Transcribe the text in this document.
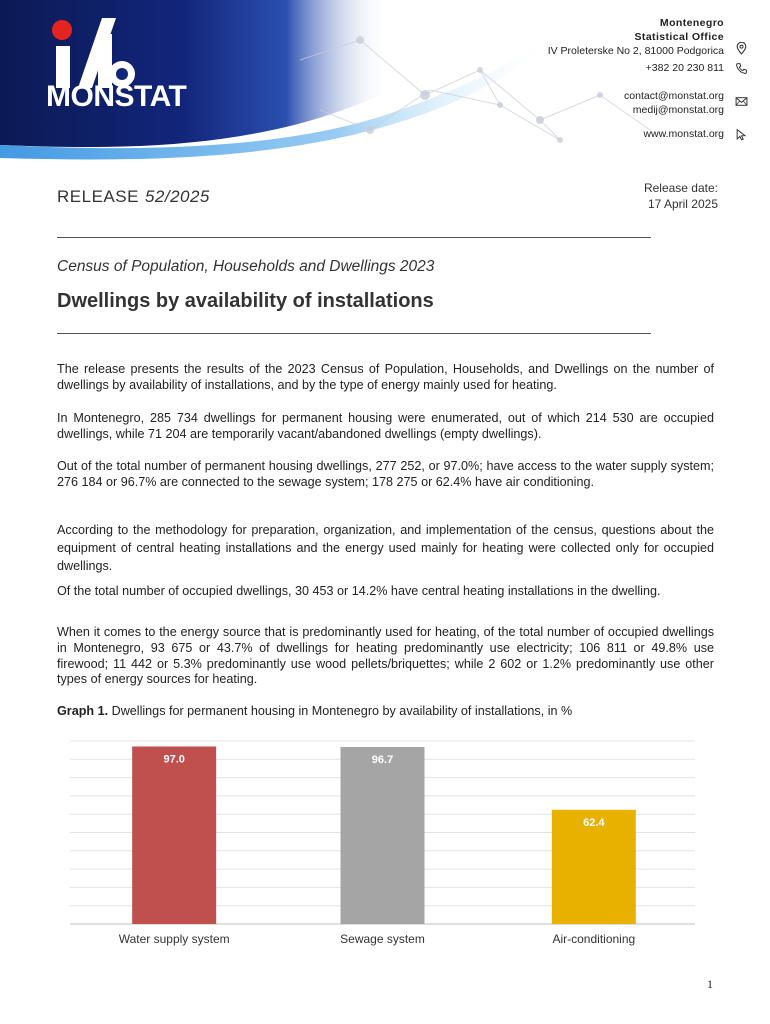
MONSTAT
Montenegro
Statistical Office
IV Proleterske No 2, 81000 Podgorica
+382 20 230 811
contact@monstat.org
medij@monstat.org
www.monstat.org
RELEASE 52/2025	Release date:
17 April 2025
Census of Population, Households and Dwellings 2023
Dwellings by availability of installations

The release presents the results of the 2023 Census of Population, Households, and Dwellings on the number of dwellings by availability of installations, and by the type of energy mainly used for heating.

In Montenegro, 285 734 dwellings for permanent housing were enumerated, out of which 214 530 are occupied dwellings, while 71 204 are temporarily vacant/abandoned dwellings (empty dwellings).

Out of the total number of permanent housing dwellings, 277 252, or 97.0%; have access to the water supply system; 276 184 or 96.7% are connected to the sewage system; 178 275 or 62.4% have air conditioning.

According to the methodology for preparation, organization, and implementation of the census, questions about the equipment of central heating installations and the energy used mainly for heating were collected only for occupied dwellings.

Of the total number of occupied dwellings, 30 453 or 14.2% have central heating installations in the dwelling.

When it comes to the energy source that is predominantly used for heating, of the total number of occupied dwellings in Montenegro, 93 675 or 43.7% of dwellings for heating predominantly use electricity; 106 811 or 49.8% use firewood; 11 442 or 5.3% predominantly use wood pellets/briquettes; while 2 602 or 1.2% predominantly use other types of energy sources for heating.

Graph 1. Dwellings for permanent housing in Montenegro by availability of installations, in %
97.0
Water supply system
96.7
Sewage system
62.4
Air-conditioning
1
